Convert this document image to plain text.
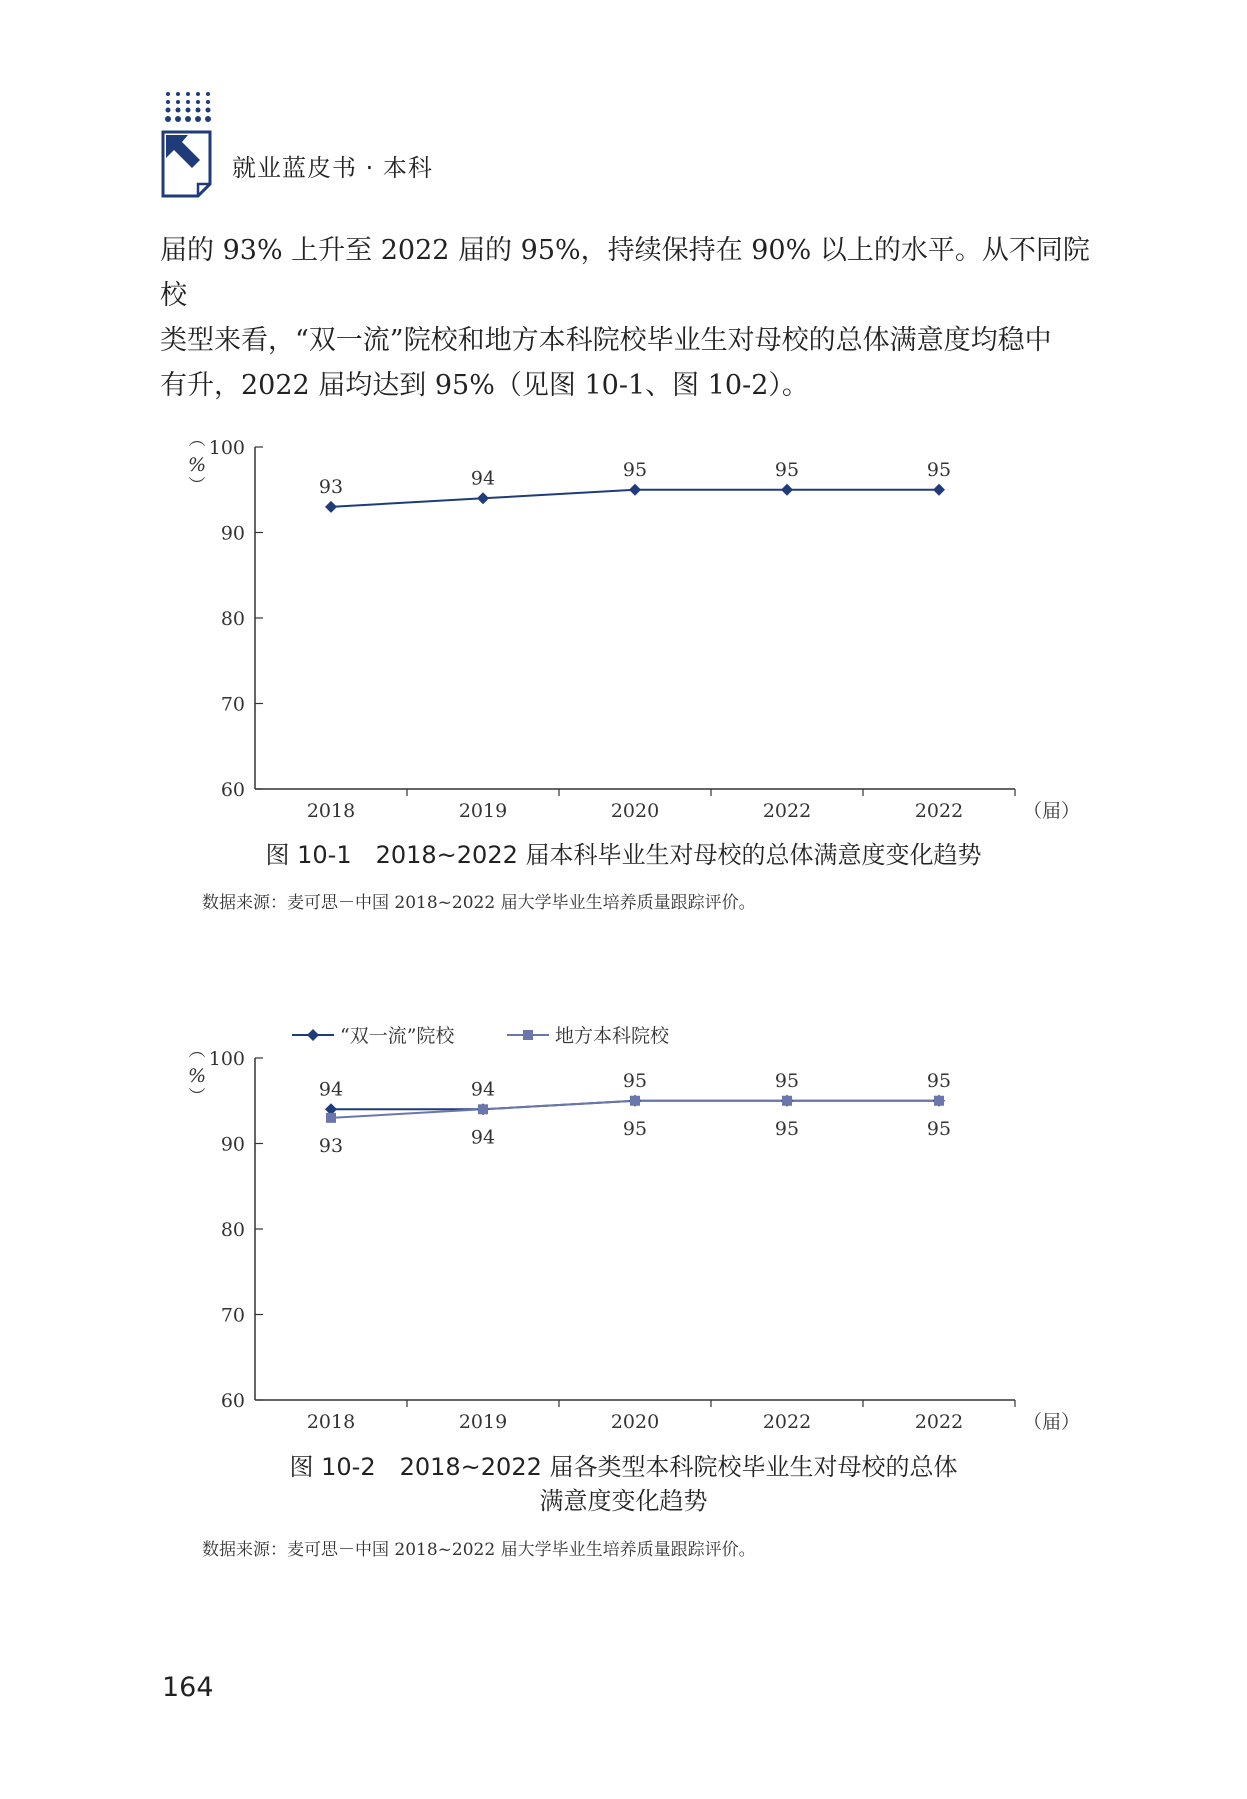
就业蓝皮书 · 本科

届的 93% 上升至 2022 届的 95%，持续保持在 90% 以上的水平。从不同院校

类型来看，“双一流”院校和地方本科院校毕业生对母校的总体满意度均稳中

有升，2022 届均达到 95%（见图 10-1、图 10-2）。

60
70
80
90
100
2018	2019	2020	2022	2022	（届）
︵
%
︶	93	94	95	95	95
图 10-1　2018~2022 届本科毕业生对母校的总体满意度变化趋势
数据来源：麦可思－中国 2018~2022 届大学毕业生培养质量跟踪评价。
60
70
80
90
100
2018	2019	2020	2022	2022	（届）
︵
%
︶	94	94	95	95	95
93	94	95	95	95
“双一流”院校	地方本科院校
图 10-2　2018~2022 届各类型本科院校毕业生对母校的总体
满意度变化趋势
数据来源：麦可思－中国 2018~2022 届大学毕业生培养质量跟踪评价。
164
